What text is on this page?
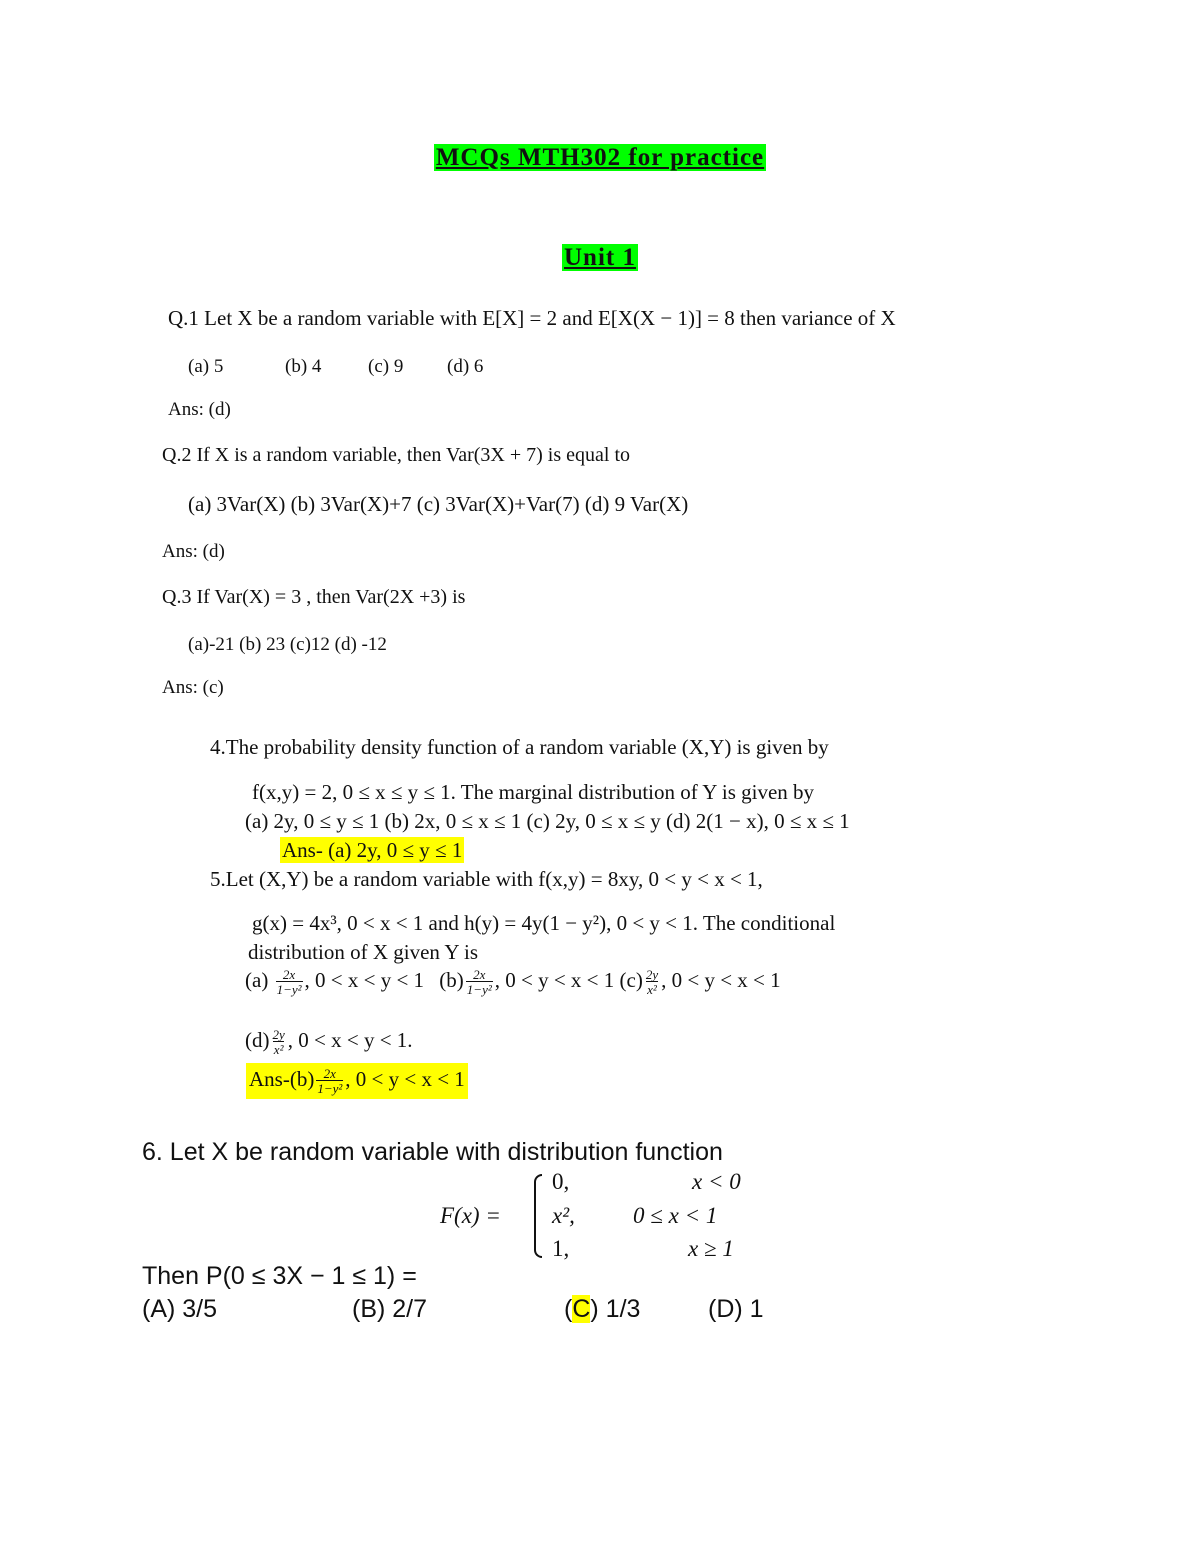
MCQs MTH302 for practice
Unit 1
Q.1 Let X be a random variable with E[X] = 2 and E[X(X − 1)] = 8 then variance of X
(a) 5	(b) 4 (c) 9 (d) 6
Ans: (d)
Q.2 If X is a random variable, then Var(3X + 7) is equal to
(a) 3Var(X) (b) 3Var(X)+7 (c) 3Var(X)+Var(7) (d) 9 Var(X)
Ans: (d)
Q.3 If Var(X) = 3 , then Var(2X +3) is
(a)-21 (b) 23 (c)12 (d) -12
Ans: (c)
4.The probability density function of a random variable (X,Y) is given by
f(x,y) = 2, 0 ≤ x ≤ y ≤ 1. The marginal distribution of Y is given by
(a) 2y, 0 ≤ y ≤ 1 (b) 2x, 0 ≤ x ≤ 1 (c) 2y, 0 ≤ x ≤ y (d) 2(1 − x), 0 ≤ x ≤ 1
Ans- (a) 2y, 0 ≤ y ≤ 1
5.Let (X,Y) be a random variable with f(x,y) = 8xy, 0 < y < x < 1,
g(x) = 4x³, 0 < x < 1 and h(y) = 4y(1 − y²), 0 < y < 1. The conditional
distribution of X given Y is
$(a) \frac{2x}{\text{1−y²}}$ , 0 < x < y < 1 $(b) \frac{2x}{\text{1−y²}}$ , 0 < y < x < 1 $(c) \frac{2y}{\text{x²}}$ , 0 < y < x < 1
$(d) \frac{2y}{\text{x²}}$ , 0 < x < y < 1.
$Ans-(b) \frac{2x}{\text{1−y²}}$ , 0 < y < x < 1
6. Let X be random variable with distribution function
F(x) =
0,	x < 0
x²,	0 ≤ x < 1
1,	x ≥ 1
Then P(0 ≤ 3X − 1 ≤ 1) =
(A) 3/5	(B) 2/7	(C) 1/3	(D) 1
